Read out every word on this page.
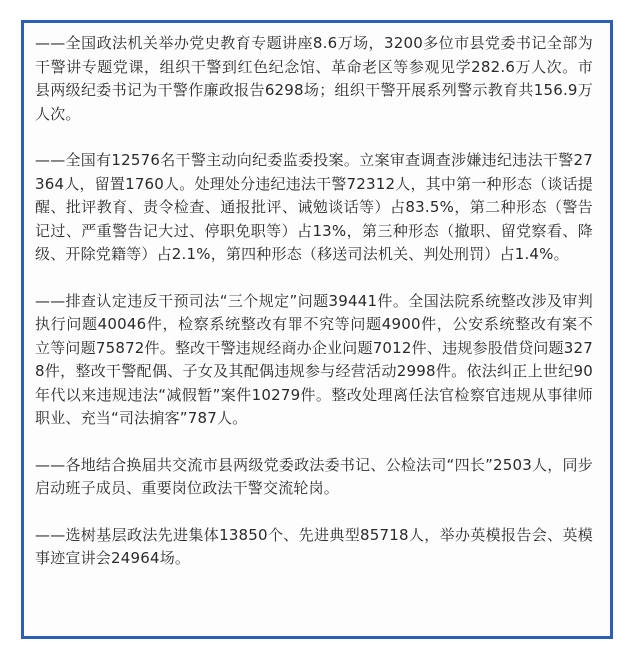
——全国政法机关举办党史教育专题讲座8.6万场，3200多位市县党委书记全部为干警讲专题党课，组织干警到红色纪念馆、革命老区等参观见学282.6万人次。市县两级纪委书记为干警作廉政报告6298场；组织干警开展系列警示教育共156.9万人次。

——全国有12576名干警主动向纪委监委投案。立案审查调查涉嫌违纪违法干警27364人，留置1760人。处理处分违纪违法干警72312人，其中第一种形态（谈话提醒、批评教育、责令检查、通报批评、诫勉谈话等）占83.5%，第二种形态（警告记过、严重警告记大过、停职免职等）占13%，第三种形态（撤职、留党察看、降级、开除党籍等）占2.1%，第四种形态（移送司法机关、判处刑罚）占1.4%。

——排查认定违反干预司法“三个规定”问题39441件。全国法院系统整改涉及审判执行问题40046件，检察系统整改有罪不究等问题4900件，公安系统整改有案不立等问题75872件。整改干警违规经商办企业问题7012件、违规参股借贷问题3278件，整改干警配偶、子女及其配偶违规参与经营活动2998件。依法纠正上世纪90年代以来违规违法“减假暂”案件10279件。整改处理离任法官检察官违规从事律师职业、充当“司法掮客”787人。

——各地结合换届共交流市县两级党委政法委书记、公检法司“四长”2503人，同步启动班子成员、重要岗位政法干警交流轮岗。

——选树基层政法先进集体13850个、先进典型85718人，举办英模报告会、英模事迹宣讲会24964场。
